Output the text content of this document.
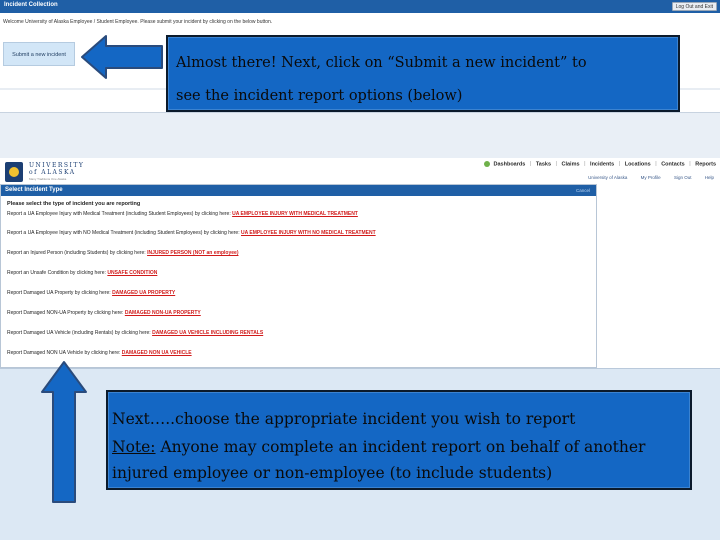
Incident Collection	Log Out and Exit
Welcome University of Alaska Employee / Student Employee. Please submit your incident by clicking on the below button.
Submit a new incident	Almost there! Next, click on “Submit a new incident” to
see the incident report options (below)
UNIVERSITY
of ALASKA
Many Traditions One Alaska
Dashboards | Tasks | Claims | Incidents | Locations | Contacts | Reports
University of Alaska	My Profile	Sign Out	Help
Select Incident Type	Cancel
Please select the type of incident you are reporting
Report a UA Employee Injury with Medical Treatment (including Student Employees) by clicking here: UA EMPLOYEE INJURY WITH MEDICAL TREATMENT
Report a UA Employee Injury with NO Medical Treatment (including Student Employees) by clicking here: UA EMPLOYEE INJURY WITH NO MEDICAL TREATMENT
Report an Injured Person (including Students) by clicking here: INJURED PERSON (NOT an employee)
Report an Unsafe Condition by clicking here: UNSAFE CONDITION
Report Damaged UA Property by clicking here: DAMAGED UA PROPERTY
Report Damaged NON-UA Property by clicking here: DAMAGED NON-UA PROPERTY
Report Damaged UA Vehicle (including Rentals) by clicking here: DAMAGED UA VEHICLE INCLUDING RENTALS
Report Damaged NON UA Vehicle by clicking here: DAMAGED NON UA VEHICLE
Next…..choose the appropriate incident you wish to report
Note: Anyone may complete an incident report on behalf of another injured employee or non-employee (to include students)
